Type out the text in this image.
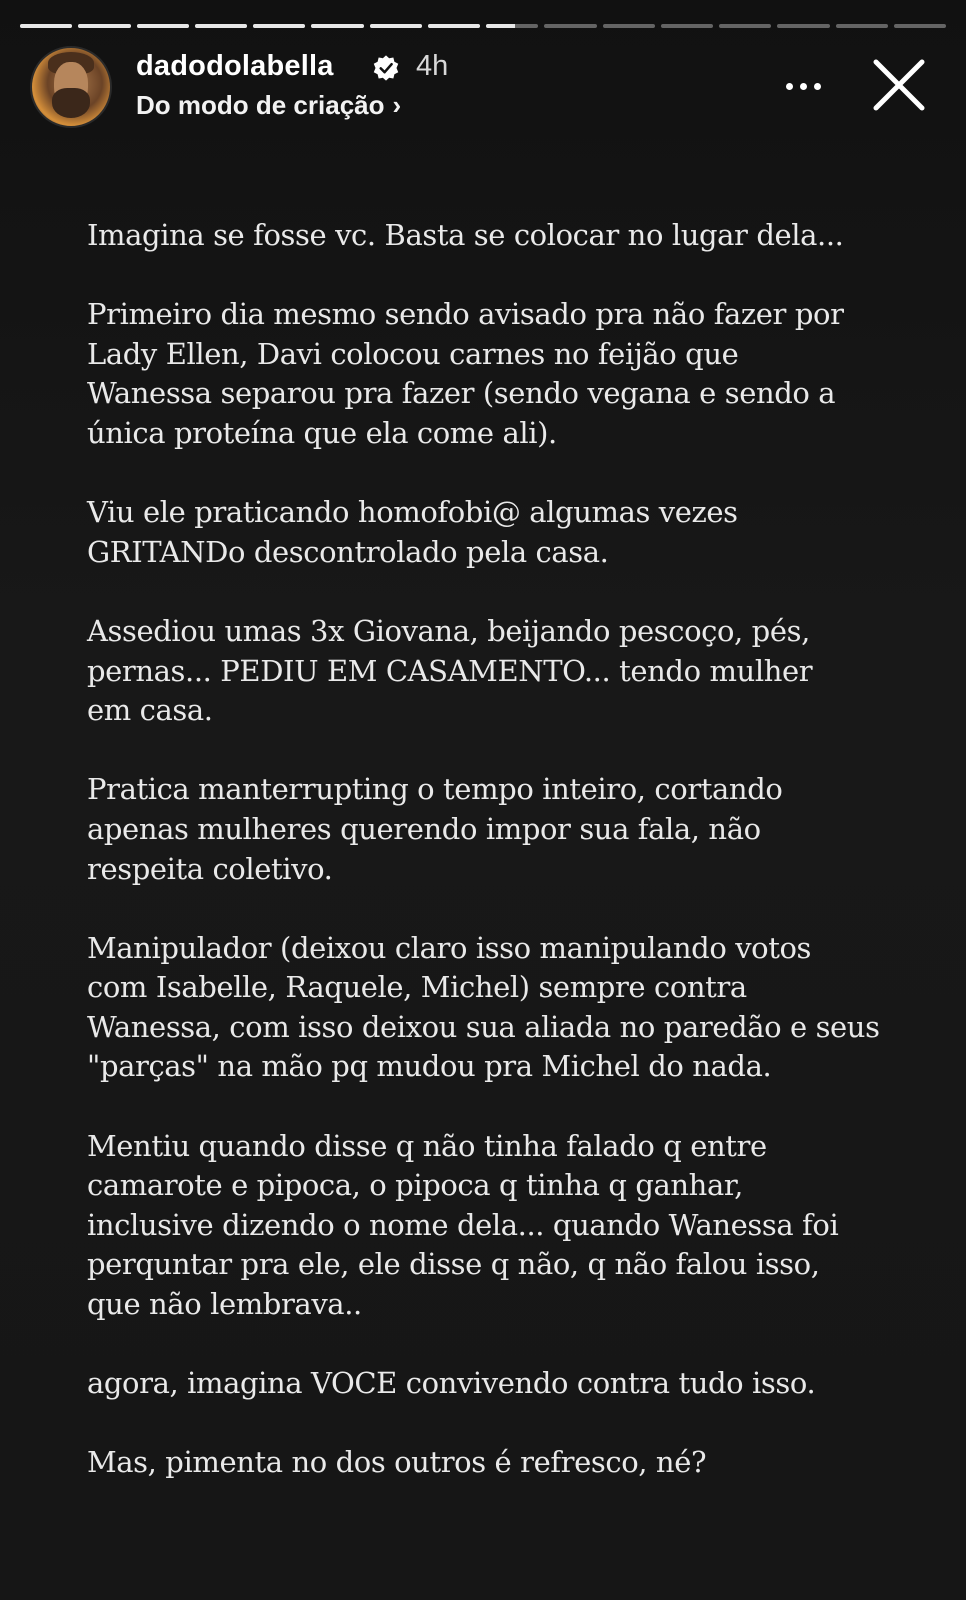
dadodolabella	4h
Do modo de criação ›

Imagina se fosse vc. Basta se colocar no lugar dela...

Primeiro dia mesmo sendo avisado pra não fazer por
Lady Ellen, Davi colocou carnes no feijão que
Wanessa separou pra fazer (sendo vegana e sendo a
única proteína que ela come ali).

Viu ele praticando homofobi@ algumas vezes
GRITANDo descontrolado pela casa.

Assediou umas 3x Giovana, beijando pescoço, pés,
pernas... PEDIU EM CASAMENTO... tendo mulher
em casa.

Pratica manterrupting o tempo inteiro, cortando
apenas mulheres querendo impor sua fala, não
respeita coletivo.

Manipulador (deixou claro isso manipulando votos
com Isabelle, Raquele, Michel) sempre contra
Wanessa, com isso deixou sua aliada no paredão e seus
"parças" na mão pq mudou pra Michel do nada.

Mentiu quando disse q não tinha falado q entre
camarote e pipoca, o pipoca q tinha q ganhar,
inclusive dizendo o nome dela... quando Wanessa foi
perquntar pra ele, ele disse q não, q não falou isso,
que não lembrava..

agora, imagina VOCE convivendo contra tudo isso.

Mas, pimenta no dos outros é refresco, né?
